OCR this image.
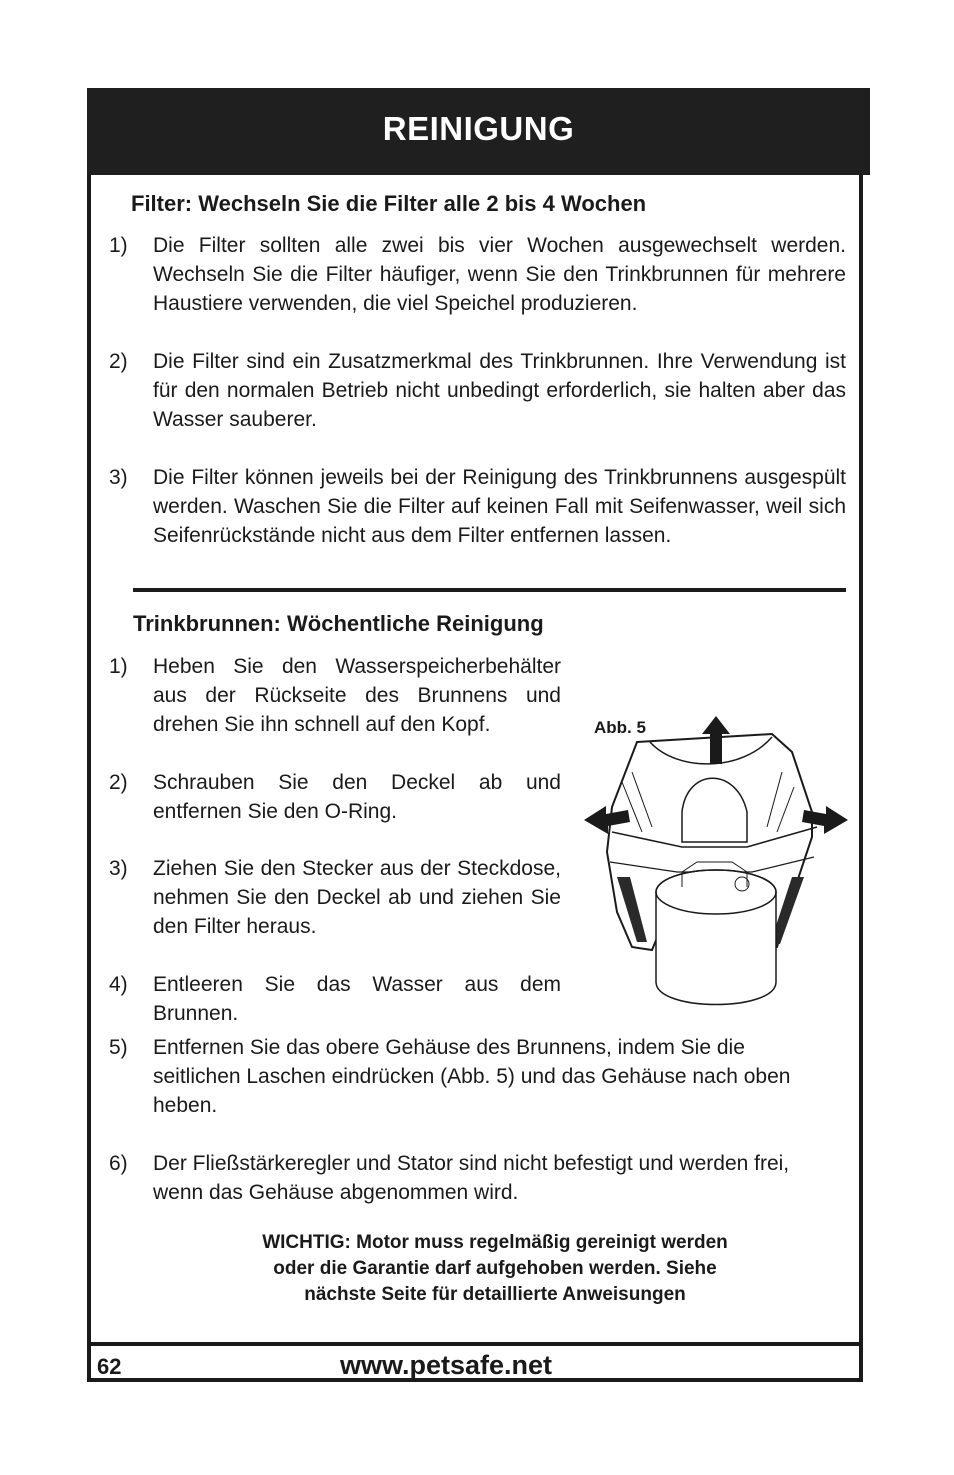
REINIGUNG
Filter: Wechseln Sie die Filter alle 2 bis 4 Wochen
1) Die Filter sollten alle zwei bis vier Wochen ausgewechselt werden. Wechseln Sie die Filter häufiger, wenn Sie den Trinkbrunnen für mehrere Haustiere verwenden, die viel Speichel produzieren.
2) Die Filter sind ein Zusatzmerkmal des Trinkbrunnen. Ihre Verwendung ist für den normalen Betrieb nicht unbedingt erforderlich, sie halten aber das Wasser sauberer.
3) Die Filter können jeweils bei der Reinigung des Trinkbrunnens ausgespült werden. Waschen Sie die Filter auf keinen Fall mit Seifenwasser, weil sich Seifenrückstände nicht aus dem Filter entfernen lassen.
Trinkbrunnen: Wöchentliche Reinigung
1) Heben Sie den Wasserspeicherbehälter aus der Rückseite des Brunnens und drehen Sie ihn schnell auf den Kopf.
2) Schrauben Sie den Deckel ab und entfernen Sie den O-Ring.
3) Ziehen Sie den Stecker aus der Steckdose, nehmen Sie den Deckel ab und ziehen Sie den Filter heraus.
4) Entleeren Sie das Wasser aus dem Brunnen.
5) Entfernen Sie das obere Gehäuse des Brunnens, indem Sie die seitlichen Laschen eindrücken (Abb. 5) und das Gehäuse nach oben heben.
6) Der Fließstärkeregler und Stator sind nicht befestigt und werden frei, wenn das Gehäuse abgenommen wird.
Abb. 5
WICHTIG: Motor muss regelmäßig gereinigt werden
oder die Garantie darf aufgehoben werden. Siehe
nächste Seite für detaillierte Anweisungen
62	www.petsafe.net
